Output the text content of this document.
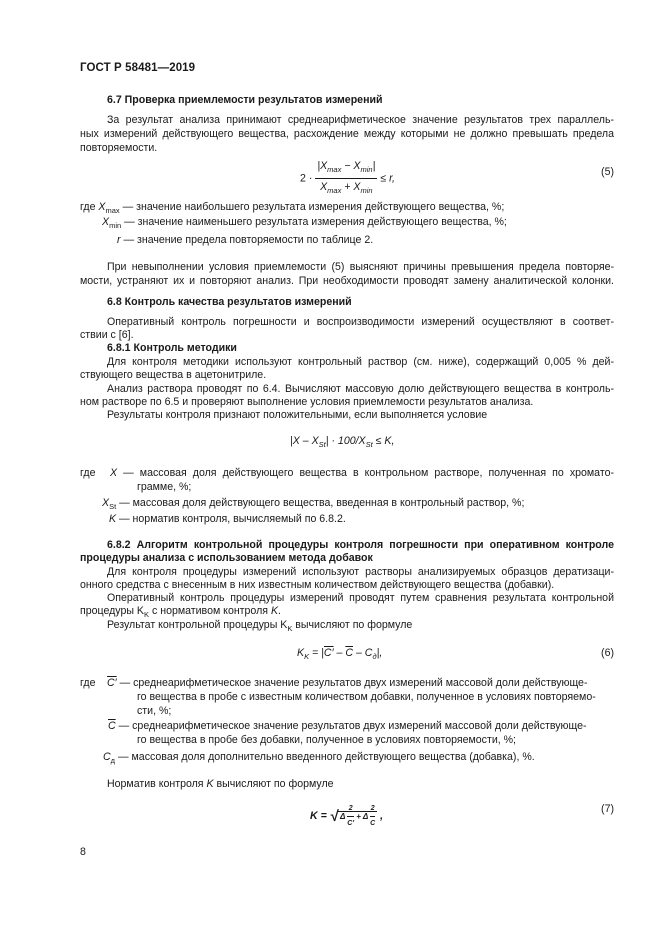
ГОСТ Р 58481—2019
6.7 Проверка приемлемости результатов измерений
За результат анализа принимают среднеарифметическое значение результатов трех параллель-
ных измерений действующего вещества, расхождение между которыми не должно превышать предела
повторяемости.
$2 \cdot \frac{|X_{max} - X_{min}|}{X_{max} + X_{min}} \le r$,
(5)
где $X_{max}$ — значение наибольшего результата измерения действующего вещества, %;
$X_{min}$ — значение наименьшего результата измерения действующего вещества, %;
r — значение предела повторяемости по таблице 2.
При невыполнении условия приемлемости (5) выясняют причины превышения предела повторяе-
мости, устраняют их и повторяют анализ. При необходимости проводят замену аналитической колонки.
6.8 Контроль качества результатов измерений
Оперативный контроль погрешности и воспроизводимости измерений осуществляют в соответ-
ствии с [6].
6.8.1 Контроль методики
Для контроля методики используют контрольный раствор (см. ниже), содержащий 0,005 % дей-
ствующего вещества в ацетонитриле.
Анализ раствора проводят по 6.4. Вычисляют массовую долю действующего вещества в контроль-
ном растворе по 6.5 и проверяют выполнение условия приемлемости результатов анализа.
Результаты контроля признают положительными, если выполняется условие
$|X - X_{St}| \cdot 100/X_{St} \le K$,
где X — массовая доля действующего вещества в контрольном растворе, полученная по хромато-
грамме, %;
$X_{St}$ — массовая доля действующего вещества, введенная в контрольный раствор, %;
K — норматив контроля, вычисляемый по 6.8.2.
6.8.2 Алгоритм контрольной процедуры контроля погрешности при оперативном контроле
процедуры анализа с использованием метода добавок
Для контроля процедуры измерений используют растворы анализируемых образцов дератизаци-
онного средства с внесенным в них известным количеством действующего вещества (добавки).
Оперативный контроль процедуры измерений проводят путем сравнения результата контрольной
процедуры $K_K$ с нормативом контроля K.
Результат контрольной процедуры $K_K$ вычисляют по формуле
$K_K = |C' - \overline{C} - C_д|$,	(6)
где C′ — среднеарифметическое значение результатов двух измерений массовой доли действующе-
го вещества в пробе с известным количеством добавки, полученное в условиях повторяемо-
сти, %;
$\overline{C}$ — среднеарифметическое значение результатов двух измерений массовой доли действующе-
го вещества в пробе без добавки, полученное в условиях повторяемости, %;
$C_д$ — массовая доля дополнительно введенного действующего вещества (добавка), %.
Норматив контроля K вычисляют по формуле
K = √ Δ $\frac{2}{C'} + \Delta \frac{2}{C}$ ,
(7)
8
